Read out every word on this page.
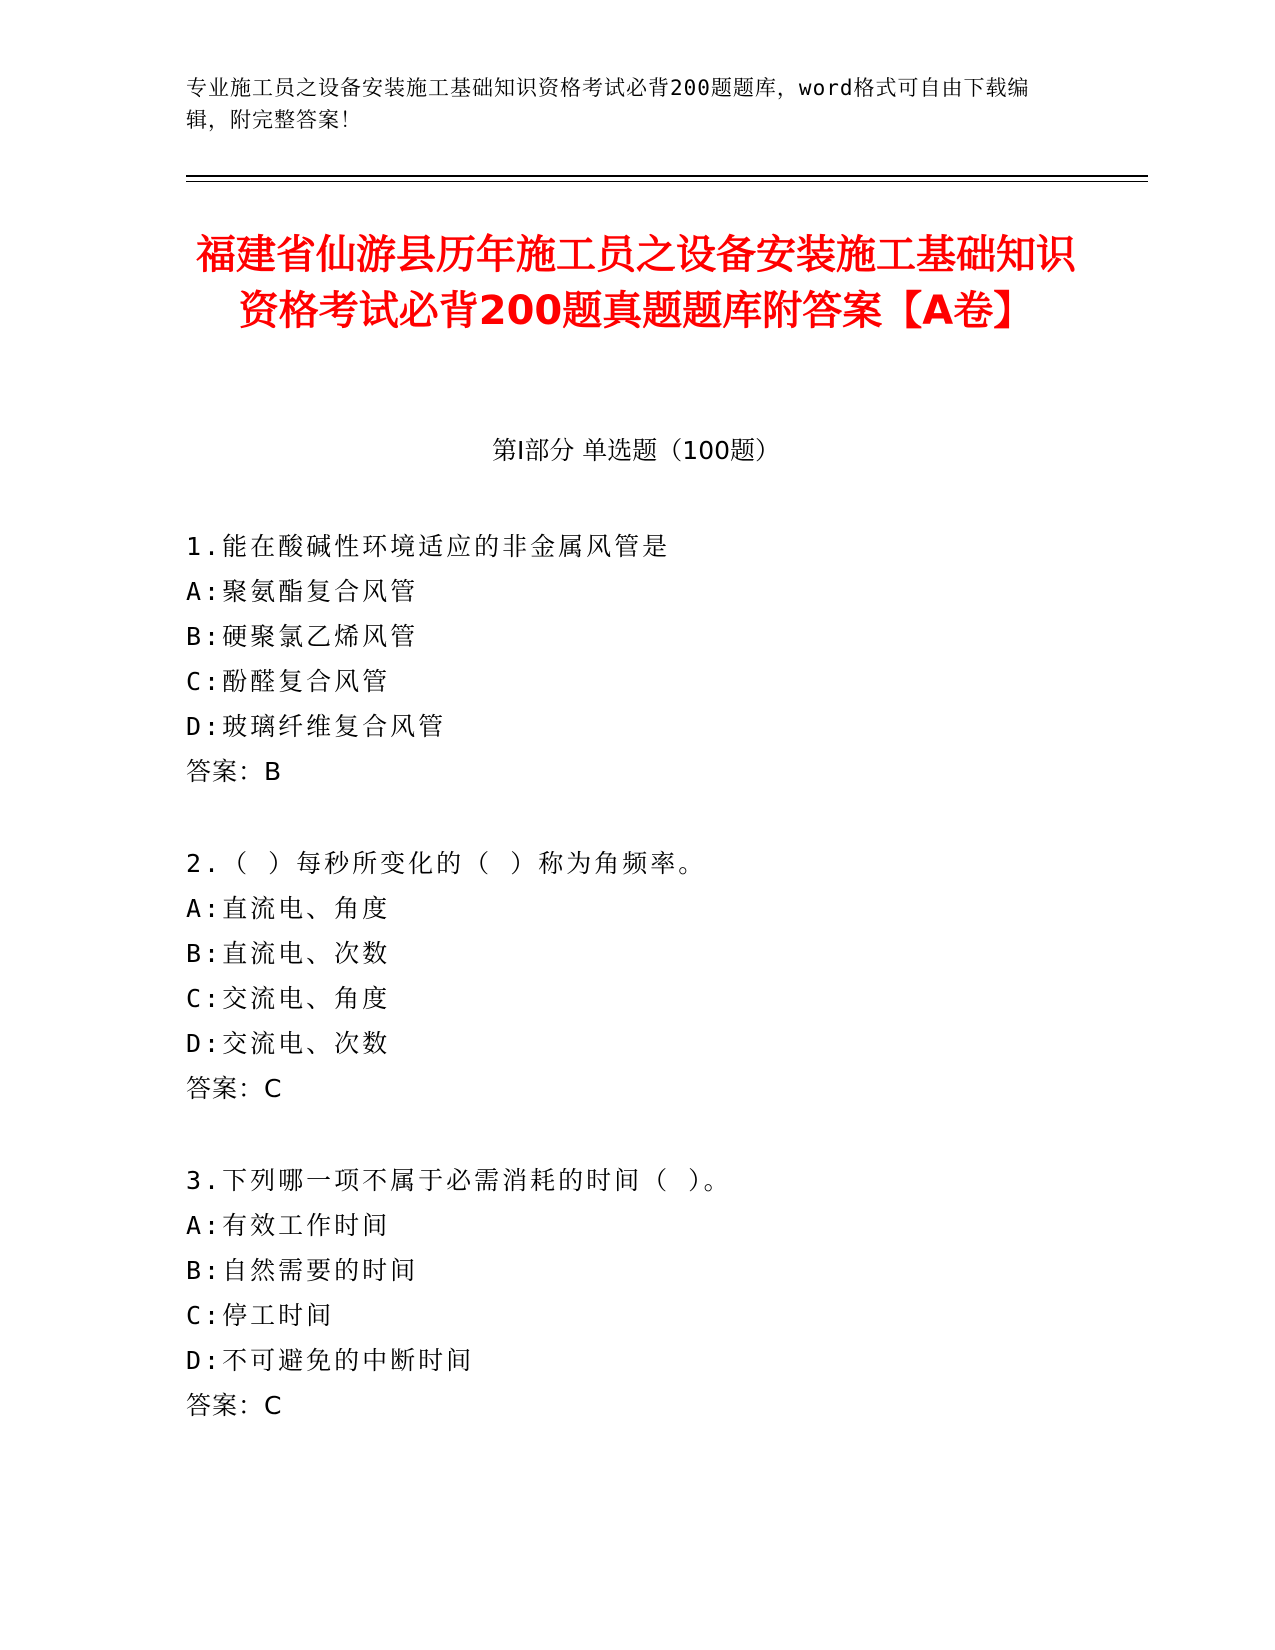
专业施工员之设备安装施工基础知识资格考试必背200题题库，word格式可自由下载编辑，附完整答案！
福建省仙游县历年施工员之设备安装施工基础知识资格考试必背200题真题题库附答案【A卷】
第Ⅰ部分 单选题（100题）
1.能在酸碱性环境适应的非金属风管是
A:聚氨酯复合风管
B:硬聚氯乙烯风管
C:酚醛复合风管
D:玻璃纤维复合风管
答案：B
2.（ ）每秒所变化的（ ）称为角频率。
A:直流电、角度
B:直流电、次数
C:交流电、角度
D:交流电、次数
答案：C
3.下列哪一项不属于必需消耗的时间（ ）。
A:有效工作时间
B:自然需要的时间
C:停工时间
D:不可避免的中断时间
答案：C
